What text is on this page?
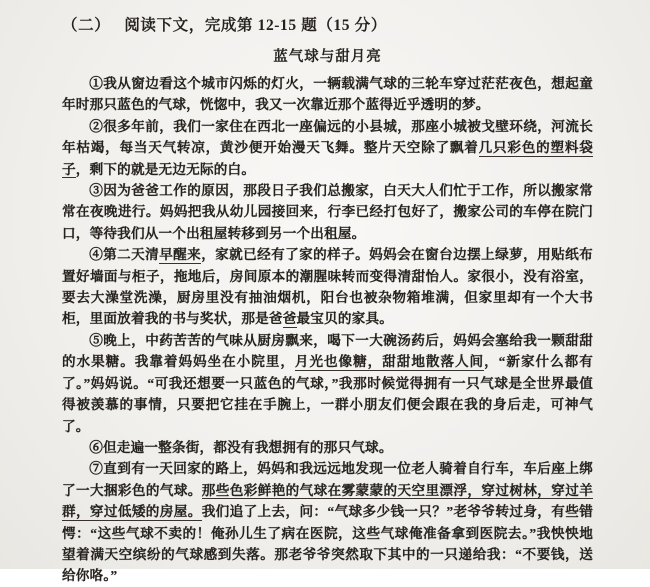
（二） 阅读下文，完成第 12-15 题（15 分）
蓝气球与甜月亮

①我从窗边看这个城市闪烁的灯火，一辆载满气球的三轮车穿过茫茫夜色，想起童年时那只蓝色的气球，恍惚中，我又一次靠近那个蓝得近乎透明的梦。

②很多年前，我们一家住在西北一座偏远的小县城，那座小城被戈壁环绕，河流长年枯竭，每当天气转凉，黄沙便开始漫天飞舞。整片天空除了飘着几只彩色的塑料袋子，剩下的就是无边无际的白。

③因为爸爸工作的原因，那段日子我们总搬家，白天大人们忙于工作，所以搬家常常在夜晚进行。妈妈把我从幼儿园接回来，行李已经打包好了，搬家公司的车停在院门口，等待我们从一个出租屋转移到另一个出租屋。

④第二天清早醒来，家就已经有了家的样子。妈妈会在窗台边摆上绿萝，用贴纸布置好墙面与柜子，拖地后，房间原本的潮腥味转而变得清甜怡人。家很小，没有浴室，要去大澡堂洗澡，厨房里没有抽油烟机，阳台也被杂物箱堆满，但家里却有一个大书柜，里面放着我的书与奖状，那是爸爸最宝贝的家具。

⑤晚上，中药苦苦的气味从厨房飘来，喝下一大碗汤药后，妈妈会塞给我一颗甜甜的水果糖。我靠着妈妈坐在小院里，月光也像糖，甜甜地散落人间，“新家什么都有了。”妈妈说。“可我还想要一只蓝色的气球，”我那时候觉得拥有一只气球是全世界最值得被羡慕的事情，只要把它挂在手腕上，一群小朋友们便会跟在我的身后走，可神气了。

⑥但走遍一整条街，都没有我想拥有的那只气球。

⑦直到有一天回家的路上，妈妈和我远远地发现一位老人骑着自行车，车后座上绑了一大捆彩色的气球。那些色彩鲜艳的气球在雾蒙蒙的天空里漂浮，穿过树林，穿过羊群，穿过低矮的房屋。我们追了上去，问：“气球多少钱一只？”老爷爷转过身，有些错愕：“这些气球不卖的！俺孙儿生了病在医院，这些气球俺准备拿到医院去。”我怏怏地望着满天空缤纷的气球感到失落。那老爷爷突然取下其中的一只递给我：“不要钱，送给你咯。”
